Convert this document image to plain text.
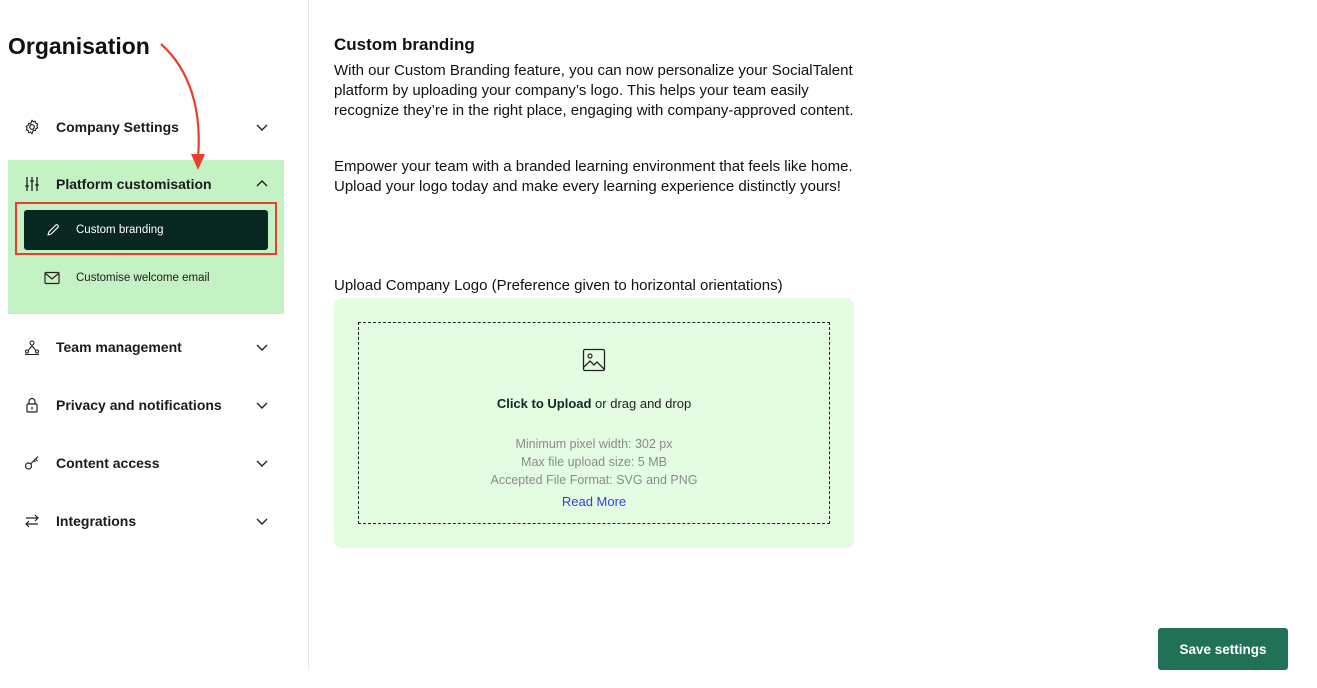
Organisation
Company Settings
Platform customisation
Custom branding
Customise welcome email
Team management
Privacy and notifications
Content access
Integrations
Custom branding
With our Custom Branding feature, you can now personalize your SocialTalent platform by uploading your company’s logo. This helps your team easily recognize they’re in the right place, engaging with company-approved content.
Empower your team with a branded learning environment that feels like home. Upload your logo today and make every learning experience distinctly yours!
Upload Company Logo (Preference given to horizontal orientations)
Click to Upload or drag and drop
Minimum pixel width: 302 px
Max file upload size: 5 MB
Accepted File Format: SVG and PNG
Read More
Save settings
